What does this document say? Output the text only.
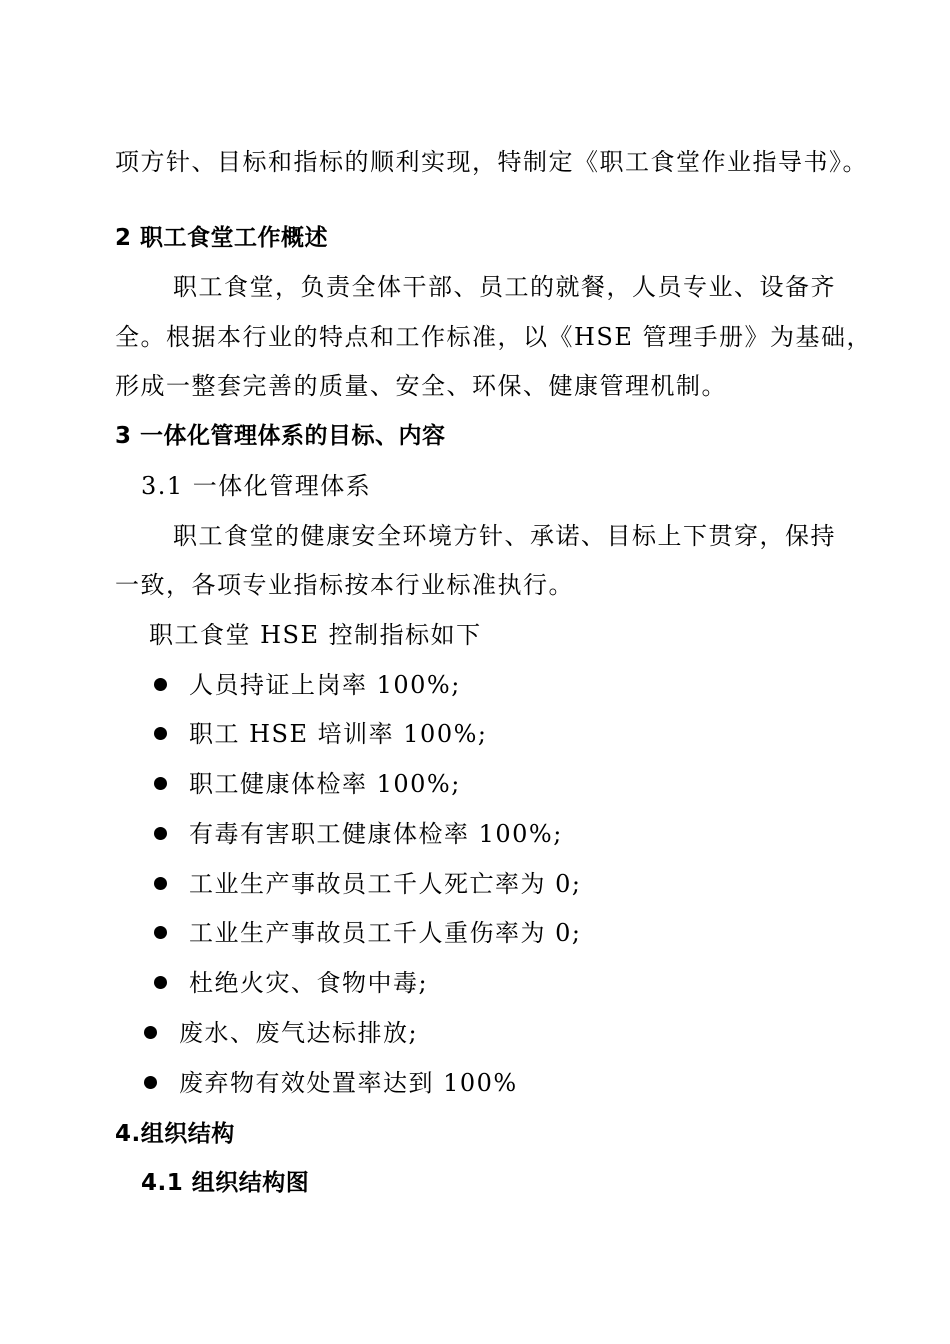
项方针、目标和指标的顺利实现，特制定《职工食堂作业指导书》。
2 职工食堂工作概述
职工食堂，负责全体干部、员工的就餐，人员专业、设备齐
全。根据本行业的特点和工作标准，以《HSE 管理手册》为基础，
形成一整套完善的质量、安全、环保、健康管理机制。
3 一体化管理体系的目标、内容
3.1 一体化管理体系
职工食堂的健康安全环境方针、承诺、目标上下贯穿，保持
一致，各项专业指标按本行业标准执行。
职工食堂 HSE 控制指标如下
人员持证上岗率 100%;
职工 HSE 培训率 100%;
职工健康体检率 100%;
有毒有害职工健康体检率 100%;
工业生产事故员工千人死亡率为 0;
工业生产事故员工千人重伤率为 0;
杜绝火灾、食物中毒;
废水、废气达标排放;
废弃物有效处置率达到 100%
4.组织结构
4.1 组织结构图
